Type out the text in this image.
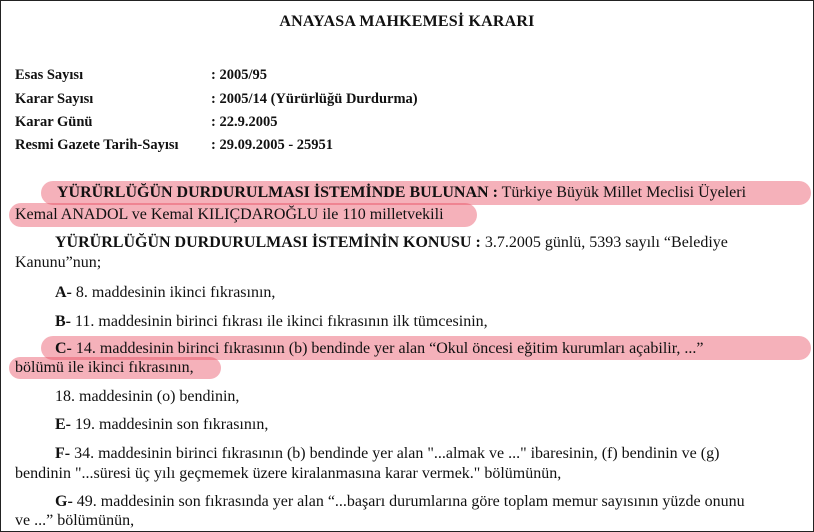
ANAYASA MAHKEMESİ KARARI
Esas Sayısı	: 2005/95
Karar Sayısı	: 2005/14 (Yürürlüğü Durdurma)
Karar Günü	: 22.9.2005
Resmi Gazete Tarih-Sayısı : 29.09.2005 - 25951
YÜRÜRLÜĞÜN DURDURULMASI İSTEMİNDE BULUNAN : Türkiye Büyük Millet Meclisi Üyeleri
Kemal ANADOL ve Kemal KILIÇDAROĞLU ile 110 milletvekili
YÜRÜRLÜĞÜN DURDURULMASI İSTEMİNİN KONUSU : 3.7.2005 günlü, 5393 sayılı “Belediye
Kanunu”nun;
A- 8. maddesinin ikinci fıkrasının,
B- 11. maddesinin birinci fıkrası ile ikinci fıkrasının ilk tümcesinin,
C- 14. maddesinin birinci fıkrasının (b) bendinde yer alan “Okul öncesi eğitim kurumları açabilir, ...”
bölümü ile ikinci fıkrasının,
18. maddesinin (o) bendinin,
E- 19. maddesinin son fıkrasının,
F- 34. maddesinin birinci fıkrasının (b) bendinde yer alan "...almak ve ..." ibaresinin, (f) bendinin ve (g)
bendinin "...süresi üç yılı geçmemek üzere kiralanmasına karar vermek." bölümünün,
G- 49. maddesinin son fıkrasında yer alan “...başarı durumlarına göre toplam memur sayısının yüzde onunu
ve ...” bölümünün,
